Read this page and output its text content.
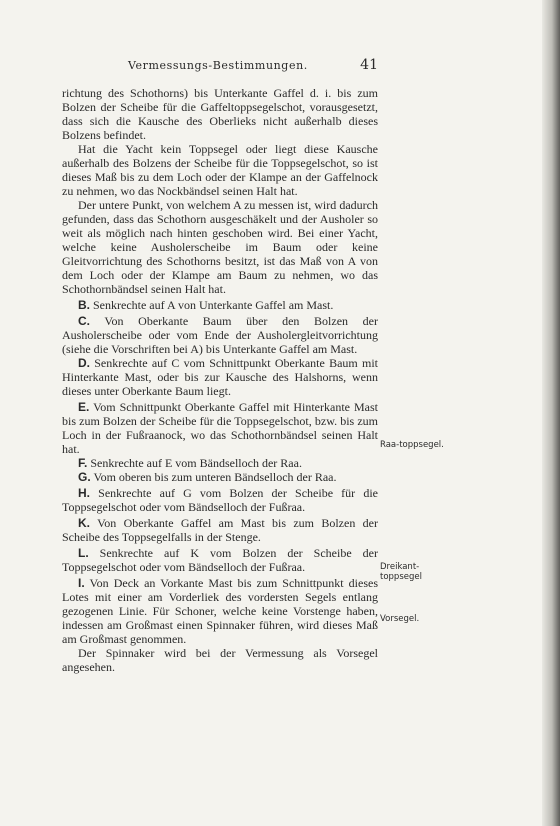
Vermessungs-Bestimmungen.	41

richtung des Schothorns) bis Unterkante Gaffel d. i. bis zum Bolzen der Scheibe für die Gaffeltoppsegelschot, vorausgesetzt, dass sich die Kausche des Oberlieks nicht außerhalb dieses Bolzens befindet.

Hat die Yacht kein Toppsegel oder liegt diese Kausche außerhalb des Bolzens der Scheibe für die Toppsegelschot, so ist dieses Maß bis zu dem Loch oder der Klampe an der Gaffelnock zu nehmen, wo das Nockbändsel seinen Halt hat.

Der untere Punkt, von welchem A zu messen ist, wird dadurch gefunden, dass das Schothorn ausgeschäkelt und der Ausholer so weit als möglich nach hinten geschoben wird. Bei einer Yacht, welche keine Ausholerscheibe im Baum oder keine Gleitvorrichtung des Schothorns besitzt, ist das Maß von A von dem Loch oder der Klampe am Baum zu nehmen, wo das Schothornbändsel seinen Halt hat.

B. Senkrechte auf A von Unterkante Gaffel am Mast.

C. Von Oberkante Baum über den Bolzen der Ausholerscheibe oder vom Ende der Ausholergleitvorrichtung (siehe die Vorschriften bei A) bis Unterkante Gaffel am Mast.

D. Senkrechte auf C vom Schnittpunkt Oberkante Baum mit Hinterkante Mast, oder bis zur Kausche des Halshorns, wenn dieses unter Oberkante Baum liegt.

E. Vom Schnittpunkt Oberkante Gaffel mit Hinterkante Mast bis zum Bolzen der Scheibe für die Toppsegelschot, bzw. bis zum Loch in der Fußraanock, wo das Schothornbändsel seinen Halt hat.

F. Senkrechte auf E vom Bändselloch der Raa.

G. Vom oberen bis zum unteren Bändselloch der Raa.

H. Senkrechte auf G vom Bolzen der Scheibe für die Toppsegelschot oder vom Bändselloch der Fußraa.

K. Von Oberkante Gaffel am Mast bis zum Bolzen der Scheibe des Toppsegelfalls in der Stenge.

L. Senkrechte auf K vom Bolzen der Scheibe der Toppsegelschot oder vom Bändselloch der Fußraa.

I. Von Deck an Vorkante Mast bis zum Schnittpunkt dieses Lotes mit einer am Vorderliek des vordersten Segels entlang gezogenen Linie. Für Schoner, welche keine Vorstenge haben, indessen am Großmast einen Spinnaker führen, wird dieses Maß am Großmast genommen.

Der Spinnaker wird bei der Vermessung als Vorsegel angesehen.

Raa-toppsegel.
Dreikant-toppsegel
Vorsegel.
